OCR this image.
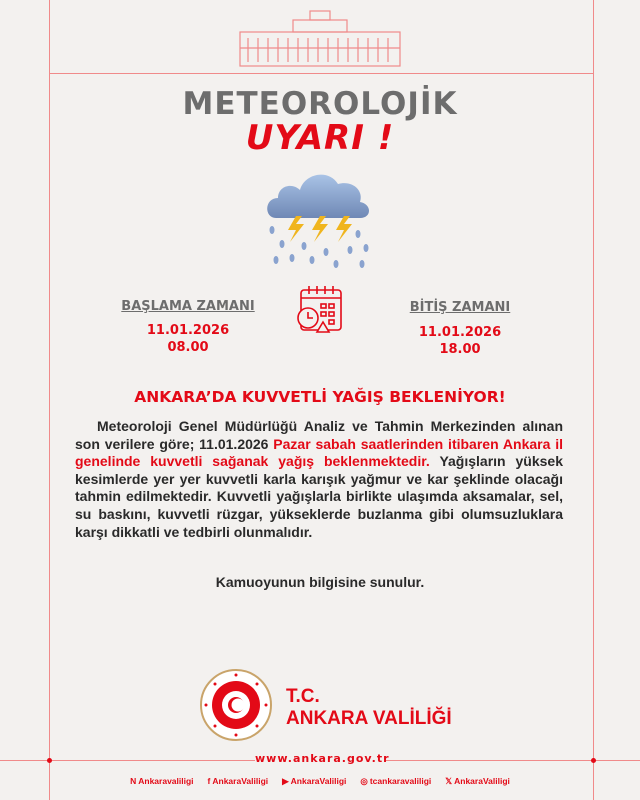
METEOROLOJİK
UYARI !
BAŞLAMA ZAMANI
11.01.2026
08.00
BİTİŞ ZAMANI
11.01.2026
18.00
ANKARA’DA KUVVETLİ YAĞIŞ BEKLENİYOR!

Meteoroloji Genel Müdürlüğü Analiz ve Tahmin Merkezinden alınan son verilere göre; 11.01.2026 Pazar sabah saatlerinden itibaren Ankara il genelinde kuvvetli sağanak yağış beklenmektedir. Yağışların yüksek kesimlerde yer yer kuvvetli karla karışık yağmur ve kar şeklinde olacağı tahmin edilmektedir. Kuvvetli yağışlarla birlikte ulaşımda aksamalar, sel, su baskını, kuvvetli rüzgar, yükseklerde buzlanma gibi olumsuzluklara karşı dikkatli ve tedbirli olunmalıdır.

Kamuoyunun bilgisine sunulur.
T.C.
ANKARA VALİLİĞİ
www.ankara.gov.tr
N Ankaravaliligi f AnkaraValiligi ▶ AnkaraValiligi ◎ tcankaravaliligi 𝕏 AnkaraValiligi
